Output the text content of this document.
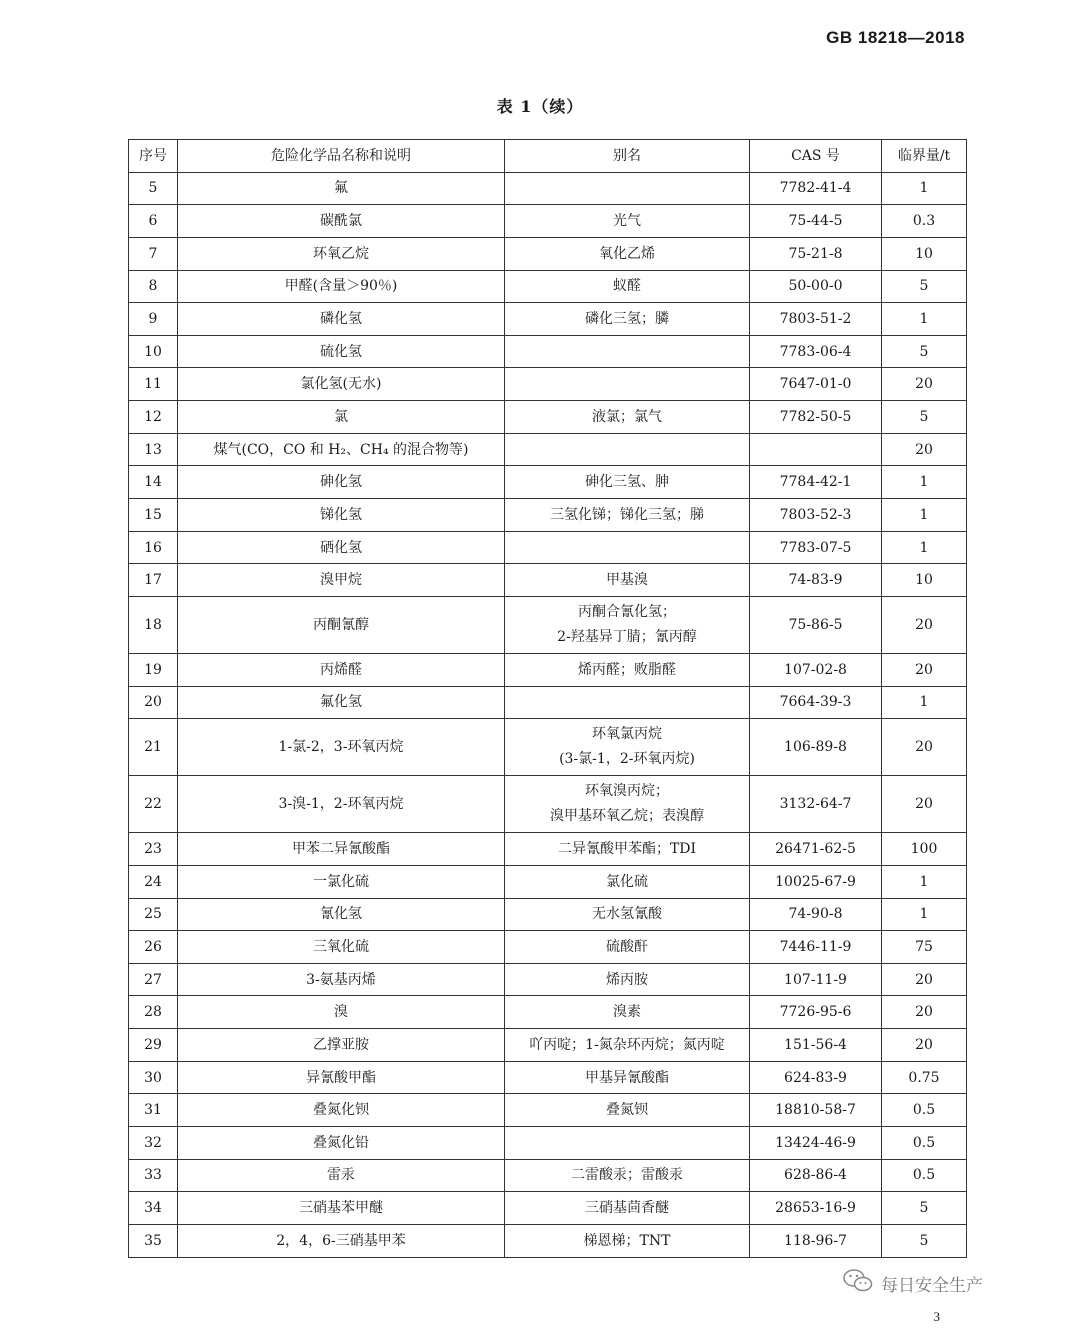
GB 18218—2018
表 1（续）
序号	危险化学品名称和说明	别名	CAS 号	临界量/t
5	氟		7782-41-4	1
6	碳酰氯	光气	75-44-5	0.3
7	环氧乙烷	氧化乙烯	75-21-8	10
8	甲醛(含量＞90％)	蚁醛	50-00-0	5
9	磷化氢	磷化三氢；膦	7803-51-2	1
10	硫化氢		7783-06-4	5
11	氯化氢(无水)		7647-01-0	20
12	氯	液氯；氯气	7782-50-5	5
13	煤气(CO，CO 和 H₂、CH₄ 的混合物等)			20
14	砷化氢	砷化三氢、胂	7784-42-1	1
15	锑化氢	三氢化锑；锑化三氢；䏲	7803-52-3	1
16	硒化氢		7783-07-5	1
17	溴甲烷	甲基溴	74-83-9	10
18	丙酮氰醇	丙酮合氰化氢；
2-羟基异丁腈；氰丙醇	75-86-5	20
19	丙烯醛	烯丙醛；败脂醛	107-02-8	20
20	氟化氢		7664-39-3	1
21	1-氯-2，3-环氧丙烷	环氧氯丙烷
(3-氯-1，2-环氧丙烷)	106-89-8	20
22	3-溴-1，2-环氧丙烷	环氧溴丙烷；
溴甲基环氧乙烷；表溴醇	3132-64-7	20
23	甲苯二异氰酸酯	二异氰酸甲苯酯；TDI	26471-62-5	100
24	一氯化硫	氯化硫	10025-67-9	1
25	氰化氢	无水氢氰酸	74-90-8	1
26	三氧化硫	硫酸酐	7446-11-9	75
27	3-氨基丙烯	烯丙胺	107-11-9	20
28	溴	溴素	7726-95-6	20
29	乙撑亚胺	吖丙啶；1-氮杂环丙烷；氮丙啶	151-56-4	20
30	异氰酸甲酯	甲基异氰酸酯	624-83-9	0.75
31	叠氮化钡	叠氮钡	18810-58-7	0.5
32	叠氮化铅		13424-46-9	0.5
33	雷汞	二雷酸汞；雷酸汞	628-86-4	0.5
34	三硝基苯甲醚	三硝基茴香醚	28653-16-9	5
35	2，4，6-三硝基甲苯	梯恩梯；TNT	118-96-7	5
每日安全生产
3
